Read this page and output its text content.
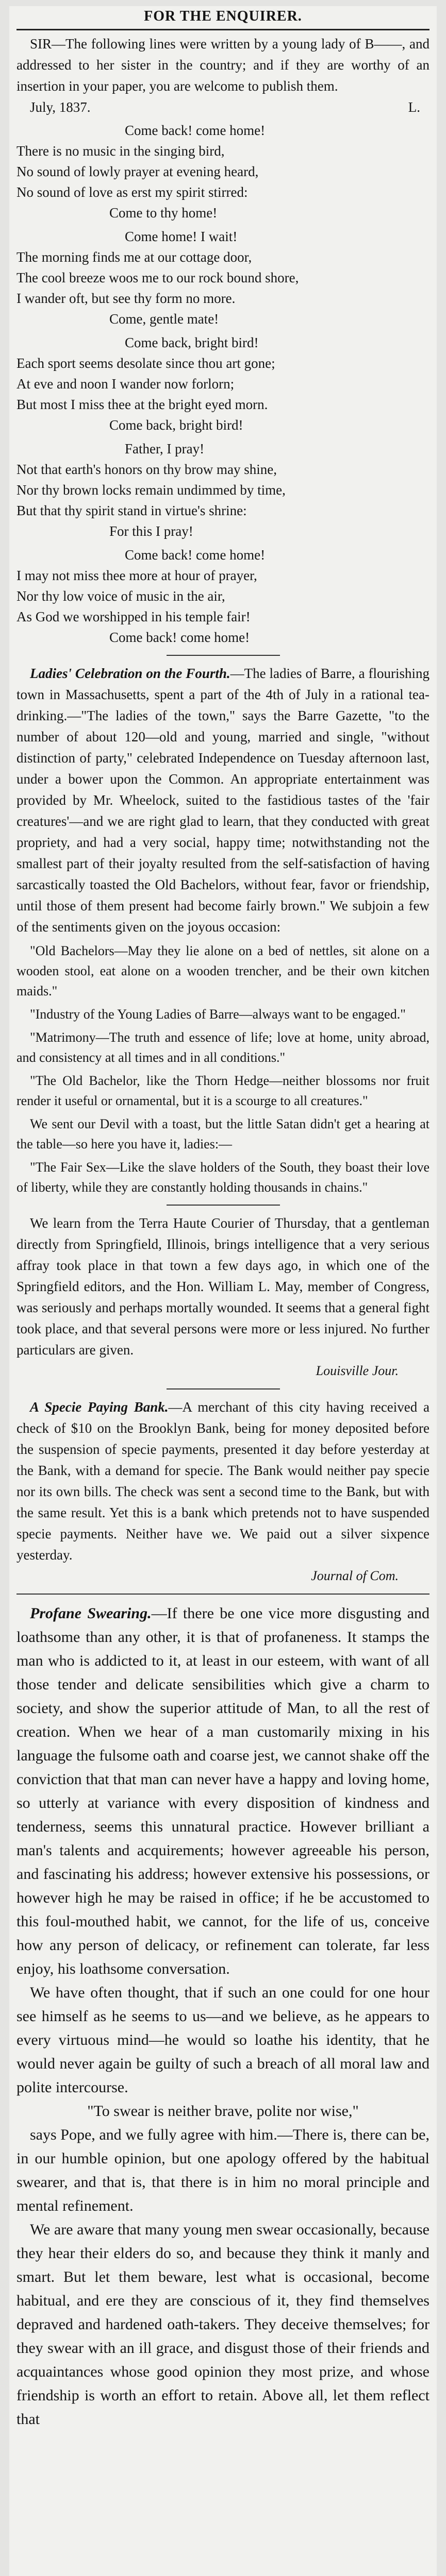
FOR THE ENQUIRER.

SIR—The following lines were written by a young lady of B——, and addressed to her sister in the country; and if they are worthy of an insertion in your paper, you are welcome to publish them.

July, 1837.	L.
Come back! come home!
There is no music in the singing bird,
No sound of lowly prayer at evening heard,
No sound of love as erst my spirit stirred:
Come to thy home!
Come home! I wait!
The morning finds me at our cottage door,
The cool breeze woos me to our rock bound shore,
I wander oft, but see thy form no more.
Come, gentle mate!
Come back, bright bird!
Each sport seems desolate since thou art gone;
At eve and noon I wander now forlorn;
But most I miss thee at the bright eyed morn.
Come back, bright bird!
Father, I pray!
Not that earth's honors on thy brow may shine,
Nor thy brown locks remain undimmed by time,
But that thy spirit stand in virtue's shrine:
For this I pray!
Come back! come home!
I may not miss thee more at hour of prayer,
Nor thy low voice of music in the air,
As God we worshipped in his temple fair!
Come back! come home!

Ladies' Celebration on the Fourth.—The ladies of Barre, a flourishing town in Massachusetts, spent a part of the 4th of July in a rational tea-drinking.—"The ladies of the town," says the Barre Gazette, "to the number of about 120—old and young, married and single, "without distinction of party," celebrated Independence on Tuesday afternoon last, under a bower upon the Common. An appropriate entertainment was provided by Mr. Wheelock, suited to the fastidious tastes of the 'fair creatures'—and we are right glad to learn, that they conducted with great propriety, and had a very social, happy time; notwithstanding not the smallest part of their joyalty resulted from the self-satisfaction of having sarcastically toasted the Old Bachelors, without fear, favor or friendship, until those of them present had become fairly brown." We subjoin a few of the sentiments given on the joyous occasion:

"Old Bachelors—May they lie alone on a bed of nettles, sit alone on a wooden stool, eat alone on a wooden trencher, and be their own kitchen maids."

"Industry of the Young Ladies of Barre—always want to be engaged."

"Matrimony—The truth and essence of life; love at home, unity abroad, and consistency at all times and in all conditions."

"The Old Bachelor, like the Thorn Hedge—neither blossoms nor fruit render it useful or ornamental, but it is a scourge to all creatures."

We sent our Devil with a toast, but the little Satan didn't get a hearing at the table—so here you have it, ladies:—

"The Fair Sex—Like the slave holders of the South, they boast their love of liberty, while they are constantly holding thousands in chains."

We learn from the Terra Haute Courier of Thursday, that a gentleman directly from Springfield, Illinois, brings intelligence that a very serious affray took place in that town a few days ago, in which one of the Springfield editors, and the Hon. William L. May, member of Congress, was seriously and perhaps mortally wounded. It seems that a general fight took place, and that several persons were more or less injured. No further particulars are given.

Louisville Jour.

A Specie Paying Bank.—A merchant of this city having received a check of $10 on the Brooklyn Bank, being for money deposited before the suspension of specie payments, presented it day before yesterday at the Bank, with a demand for specie. The Bank would neither pay specie nor its own bills. The check was sent a second time to the Bank, but with the same result. Yet this is a bank which pretends not to have suspended specie payments. Neither have we. We paid out a silver sixpence yesterday.

Journal of Com.

Profane Swearing.—If there be one vice more disgusting and loathsome than any other, it is that of profaneness. It stamps the man who is addicted to it, at least in our esteem, with want of all those tender and delicate sensibilities which give a charm to society, and show the superior attitude of Man, to all the rest of creation. When we hear of a man customarily mixing in his language the fulsome oath and coarse jest, we cannot shake off the conviction that that man can never have a happy and loving home, so utterly at variance with every disposition of kindness and tenderness, seems this unnatural practice. However brilliant a man's talents and acquirements; however agreeable his person, and fascinating his address; however extensive his possessions, or however high he may be raised in office; if he be accustomed to this foul-mouthed habit, we cannot, for the life of us, conceive how any person of delicacy, or refinement can tolerate, far less enjoy, his loathsome conversation.

We have often thought, that if such an one could for one hour see himself as he seems to us—and we believe, as he appears to every virtuous mind—he would so loathe his identity, that he would never again be guilty of such a breach of all moral law and polite intercourse.

"To swear is neither brave, polite nor wise,"

says Pope, and we fully agree with him.—There is, there can be, in our humble opinion, but one apology offered by the habitual swearer, and that is, that there is in him no moral principle and mental refinement.

We are aware that many young men swear occasionally, because they hear their elders do so, and because they think it manly and smart. But let them beware, lest what is occasional, become habitual, and ere they are conscious of it, they find themselves depraved and hardened oath-takers. They deceive themselves; for they swear with an ill grace, and disgust those of their friends and acquaintances whose good opinion they most prize, and whose friendship is worth an effort to retain. Above all, let them reflect that
